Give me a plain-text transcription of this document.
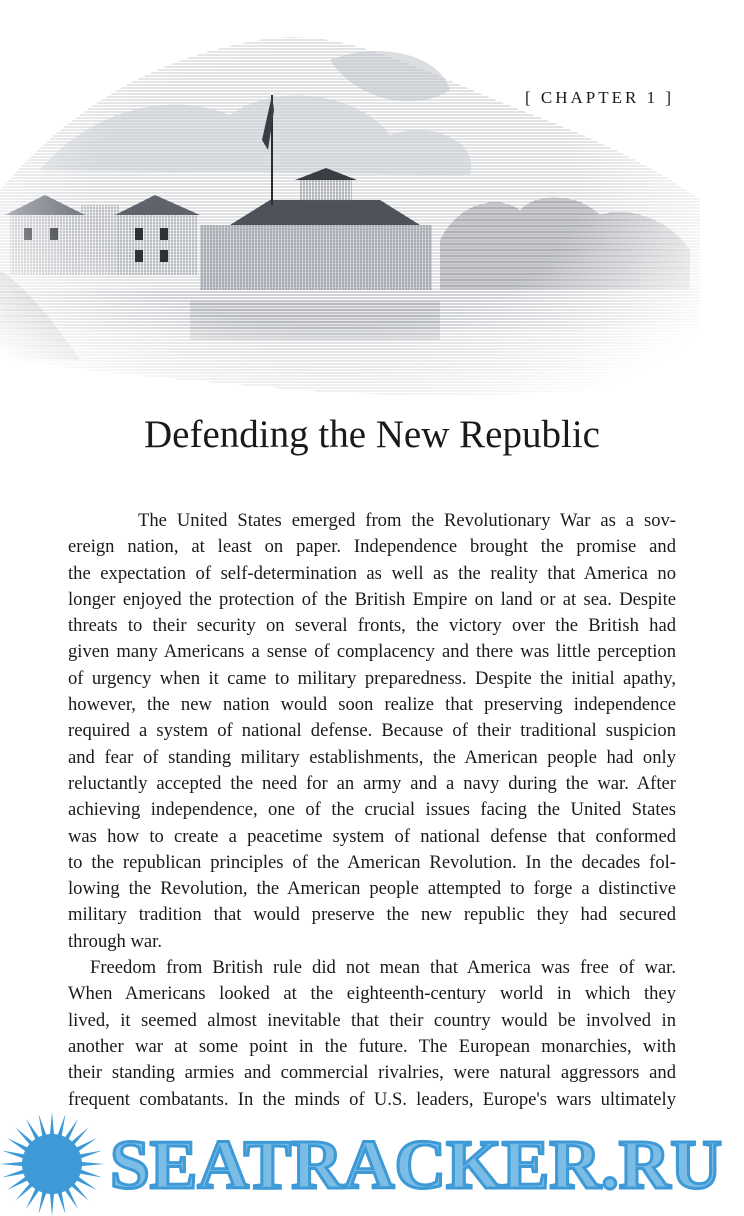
[ CHAPTER 1 ]
Defending the New Republic
The United States emerged from the Revolutionary War as a sov-
ereign nation, at least on paper. Independence brought the promise and
the expectation of self-determination as well as the reality that America no
longer enjoyed the protection of the British Empire on land or at sea. Despite
threats to their security on several fronts, the victory over the British had
given many Americans a sense of complacency and there was little perception
of urgency when it came to military preparedness. Despite the initial apathy,
however, the new nation would soon realize that preserving independence
required a system of national defense. Because of their traditional suspicion
and fear of standing military establishments, the American people had only
reluctantly accepted the need for an army and a navy during the war. After
achieving independence, one of the crucial issues facing the United States
was how to create a peacetime system of national defense that conformed
to the republican principles of the American Revolution. In the decades fol-
lowing the Revolution, the American people attempted to forge a distinctive
military tradition that would preserve the new republic they had secured
through war.
Freedom from British rule did not mean that America was free of war.
When Americans looked at the eighteenth-century world in which they
lived, it seemed almost inevitable that their country would be involved in
another war at some point in the future. The European monarchies, with
their standing armies and commercial rivalries, were natural aggressors and
frequent combatants. In the minds of U.S. leaders, Europe's wars ultimately
SEATRACKER.RU
